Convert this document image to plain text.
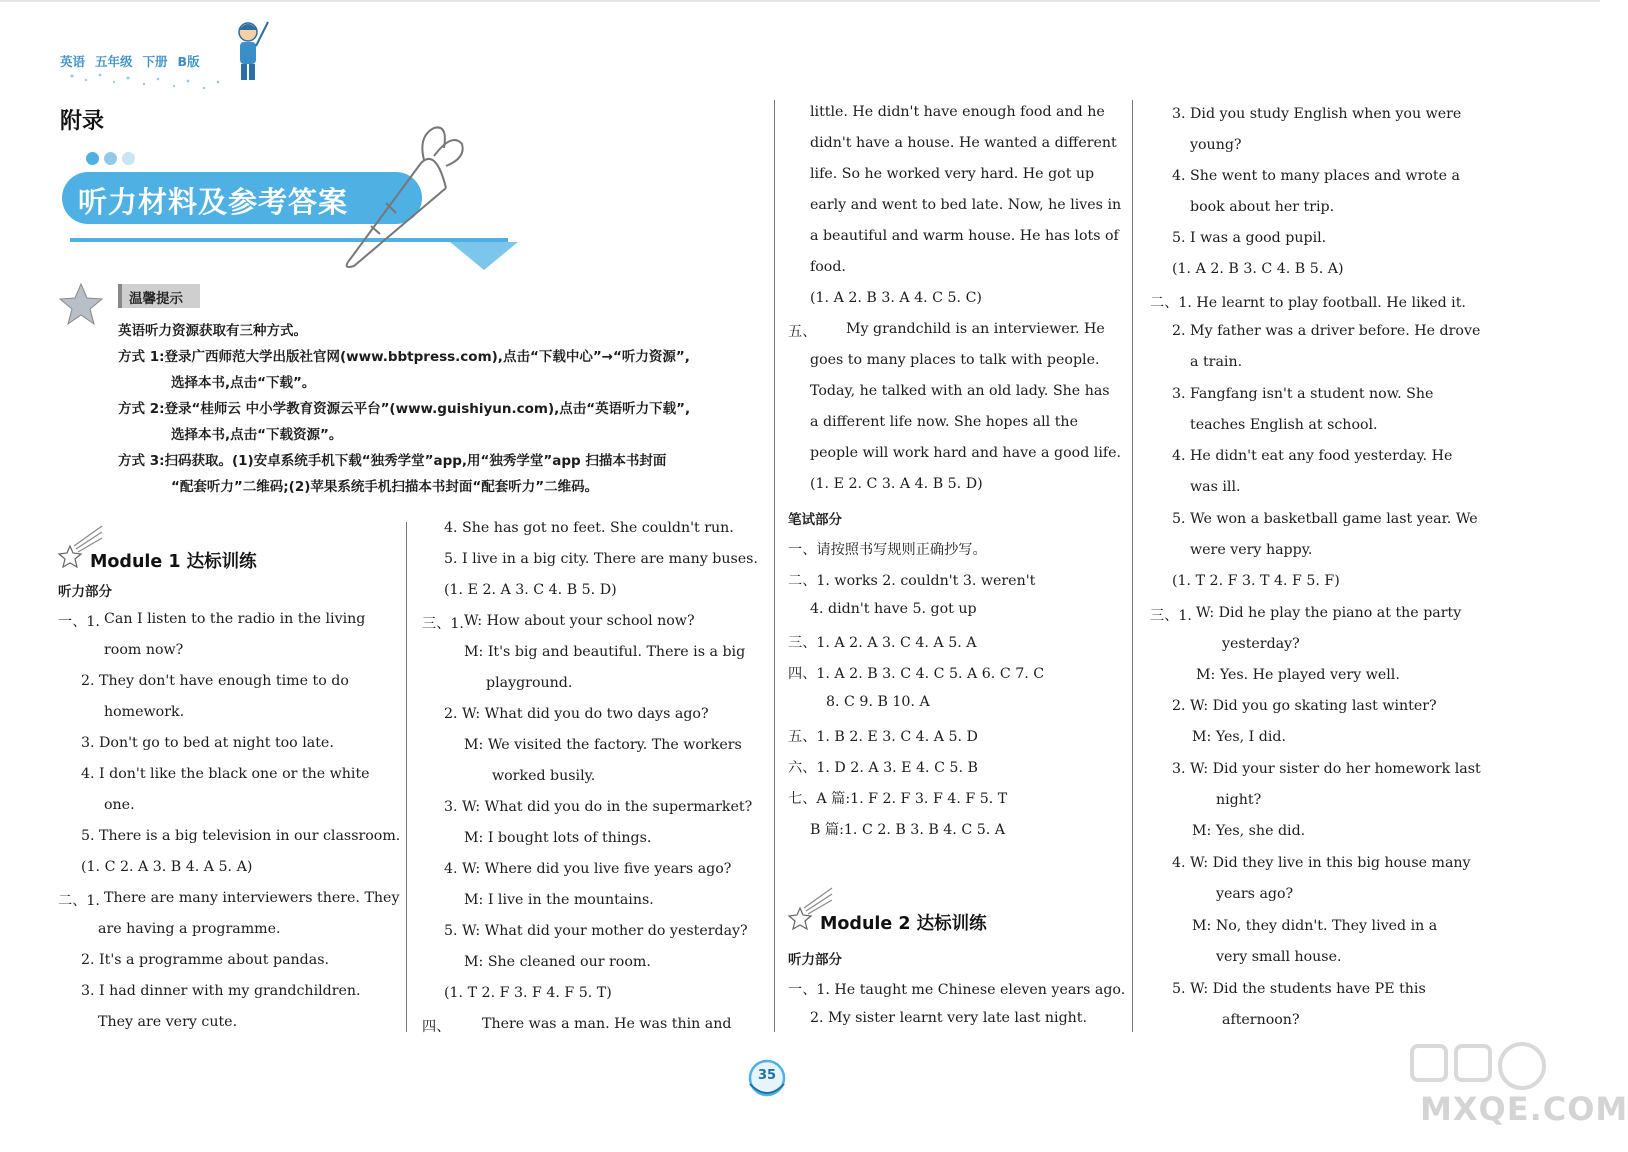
英语 五年级 下册 B版
附录
听力材料及参考答案
温馨提示
英语听力资源获取有三种方式。
方式 1:登录广西师范大学出版社官网(www.bbtpress.com),点击“下载中心”→“听力资源”,
选择本书,点击“下载”。
方式 2:登录“桂师云 中小学教育资源云平台”(www.guishiyun.com),点击“英语听力下载”,
选择本书,点击“下载资源”。
方式 3:扫码获取。(1)安卓系统手机下载“独秀学堂”app,用“独秀学堂”app 扫描本书封面
“配套听力”二维码;(2)苹果系统手机扫描本书封面“配套听力”二维码。
Module 1 达标训练
听力部分
一、1. Can I listen to the radio in the living
room now?
2. They don't have enough time to do
homework.
3. Don't go to bed at night too late.
4. I don't like the black one or the white
one.
5. There is a big television in our classroom.
(1. C 2. A 3. B 4. A 5. A)
二、1. There are many interviewers there. They
are having a programme.
2. It's a programme about pandas.
3. I had dinner with my grandchildren.
They are very cute.
4. She has got no feet. She couldn't run.
5. I live in a big city. There are many buses.
(1. E 2. A 3. C 4. B 5. D)
三、1. W: How about your school now?
M: It's big and beautiful. There is a big
playground.
2. W: What did you do two days ago?
M: We visited the factory. The workers
worked busily.
3. W: What did you do in the supermarket?
M: I bought lots of things.
4. W: Where did you live five years ago?
M: I live in the mountains.
5. W: What did your mother do yesterday?
M: She cleaned our room.
(1. T 2. F 3. F 4. F 5. T)
四、 There was a man. He was thin and
little. He didn't have enough food and he
didn't have a house. He wanted a different
life. So he worked very hard. He got up
early and went to bed late. Now, he lives in
a beautiful and warm house. He has lots of
food.
(1. A 2. B 3. A 4. C 5. C)
五、 My grandchild is an interviewer. He
goes to many places to talk with people.
Today, he talked with an old lady. She has
a different life now. She hopes all the
people will work hard and have a good life.
(1. E 2. C 3. A 4. B 5. D)
笔试部分
一、请按照书写规则正确抄写。
二、1. works 2. couldn't 3. weren't
4. didn't have 5. got up
三、1. A 2. A 3. C 4. A 5. A
四、1. A 2. B 3. C 4. C 5. A 6. C 7. C
8. C 9. B 10. A
五、1. B 2. E 3. C 4. A 5. D
六、1. D 2. A 3. E 4. C 5. B
七、A 篇:1. F 2. F 3. F 4. F 5. T
B 篇:1. C 2. B 3. B 4. C 5. A
听力部分
一、1. He taught me Chinese eleven years ago.
2. My sister learnt very late last night.
Module 2 达标训练
3. Did you study English when you were
young?
4. She went to many places and wrote a
book about her trip.
5. I was a good pupil.
(1. A 2. B 3. C 4. B 5. A)
二、1. He learnt to play football. He liked it.
2. My father was a driver before. He drove
a train.
3. Fangfang isn't a student now. She
teaches English at school.
4. He didn't eat any food yesterday. He
was ill.
5. We won a basketball game last year. We
were very happy.
(1. T 2. F 3. T 4. F 5. F)
三、1. W: Did he play the piano at the party
yesterday?
M: Yes. He played very well.
2. W: Did you go skating last winter?
M: Yes, I did.
3. W: Did your sister do her homework last
night?
M: Yes, she did.
4. W: Did they live in this big house many
years ago?
M: No, they didn't. They lived in a
very small house.
5. W: Did the students have PE this
afternoon?
35
MXQE.COM
